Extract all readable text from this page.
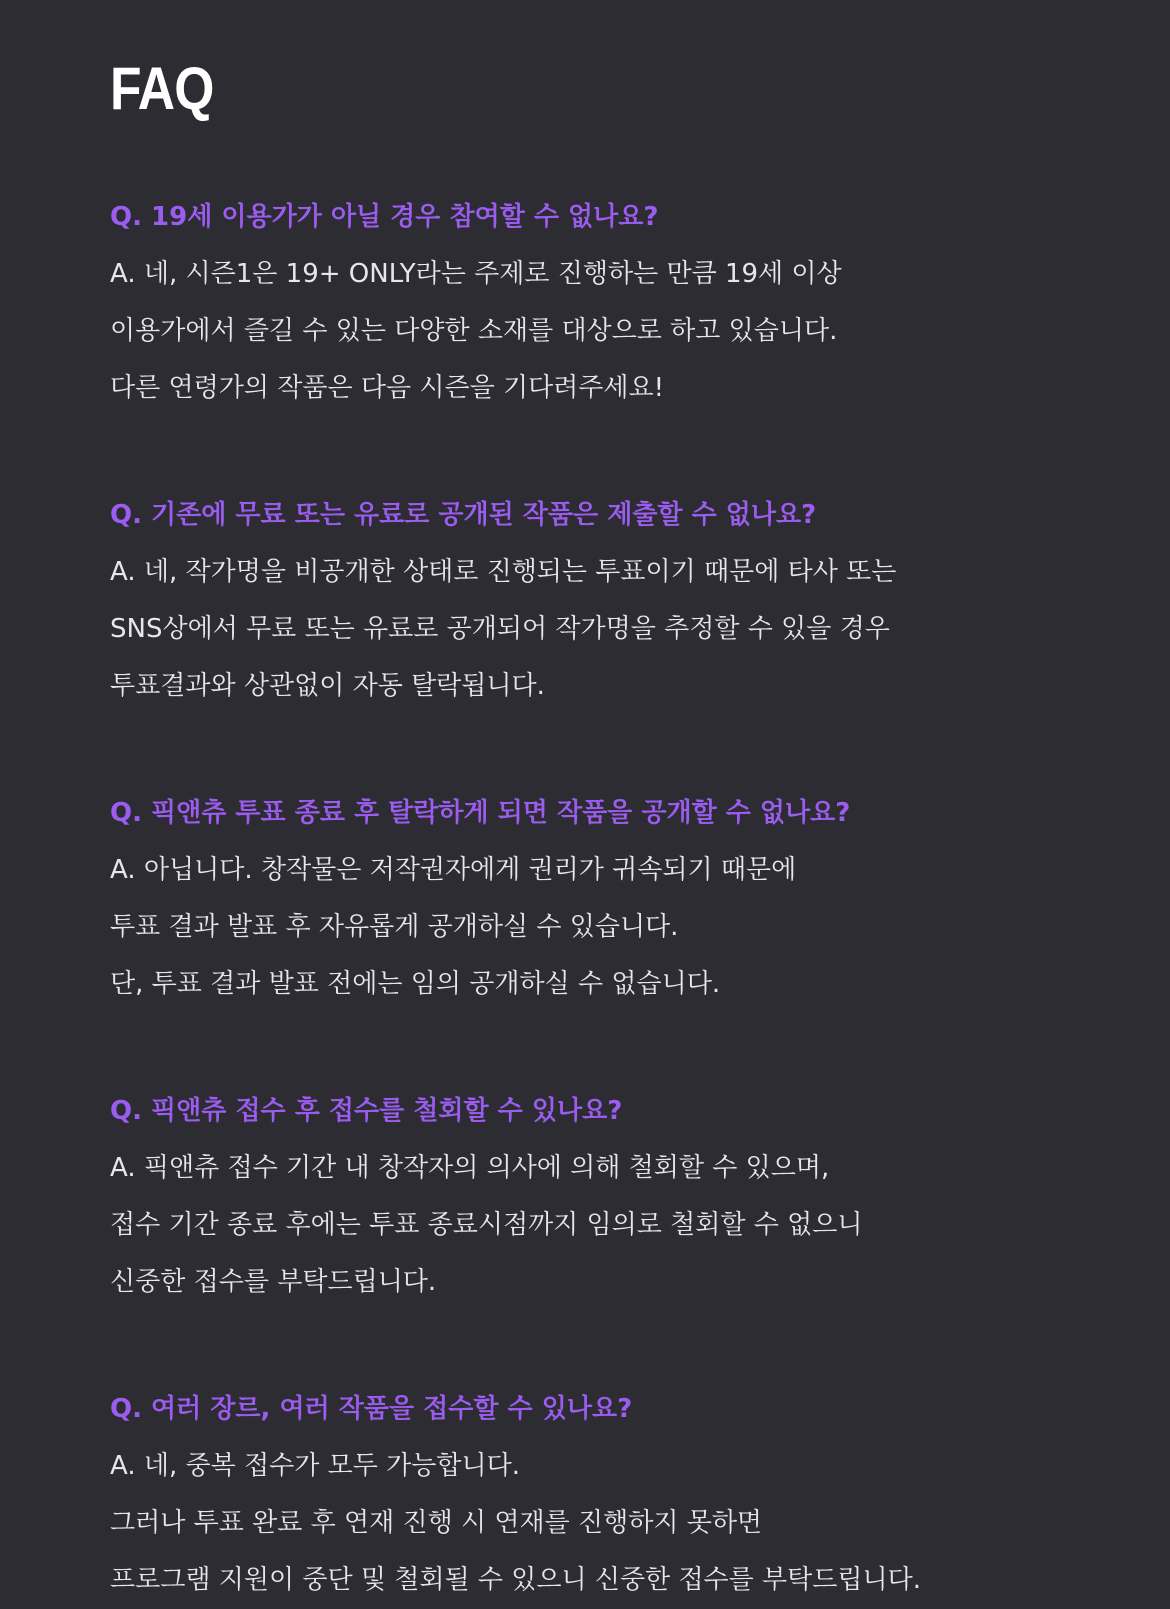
FAQ

Q. 19세 이용가가 아닐 경우 참여할 수 없나요?

A. 네, 시즌1은 19+ ONLY라는 주제로 진행하는 만큼 19세 이상

이용가에서 즐길 수 있는 다양한 소재를 대상으로 하고 있습니다.

다른 연령가의 작품은 다음 시즌을 기다려주세요!

Q. 기존에 무료 또는 유료로 공개된 작품은 제출할 수 없나요?

A. 네, 작가명을 비공개한 상태로 진행되는 투표이기 때문에 타사 또는

SNS상에서 무료 또는 유료로 공개되어 작가명을 추정할 수 있을 경우

투표결과와 상관없이 자동 탈락됩니다.

Q. 픽앤츄 투표 종료 후 탈락하게 되면 작품을 공개할 수 없나요?

A. 아닙니다. 창작물은 저작권자에게 권리가 귀속되기 때문에

투표 결과 발표 후 자유롭게 공개하실 수 있습니다.

단, 투표 결과 발표 전에는 임의 공개하실 수 없습니다.

Q. 픽앤츄 접수 후 접수를 철회할 수 있나요?

A. 픽앤츄 접수 기간 내 창작자의 의사에 의해 철회할 수 있으며,

접수 기간 종료 후에는 투표 종료시점까지 임의로 철회할 수 없으니

신중한 접수를 부탁드립니다.

Q. 여러 장르, 여러 작품을 접수할 수 있나요?

A. 네, 중복 접수가 모두 가능합니다.

그러나 투표 완료 후 연재 진행 시 연재를 진행하지 못하면

프로그램 지원이 중단 및 철회될 수 있으니 신중한 접수를 부탁드립니다.
